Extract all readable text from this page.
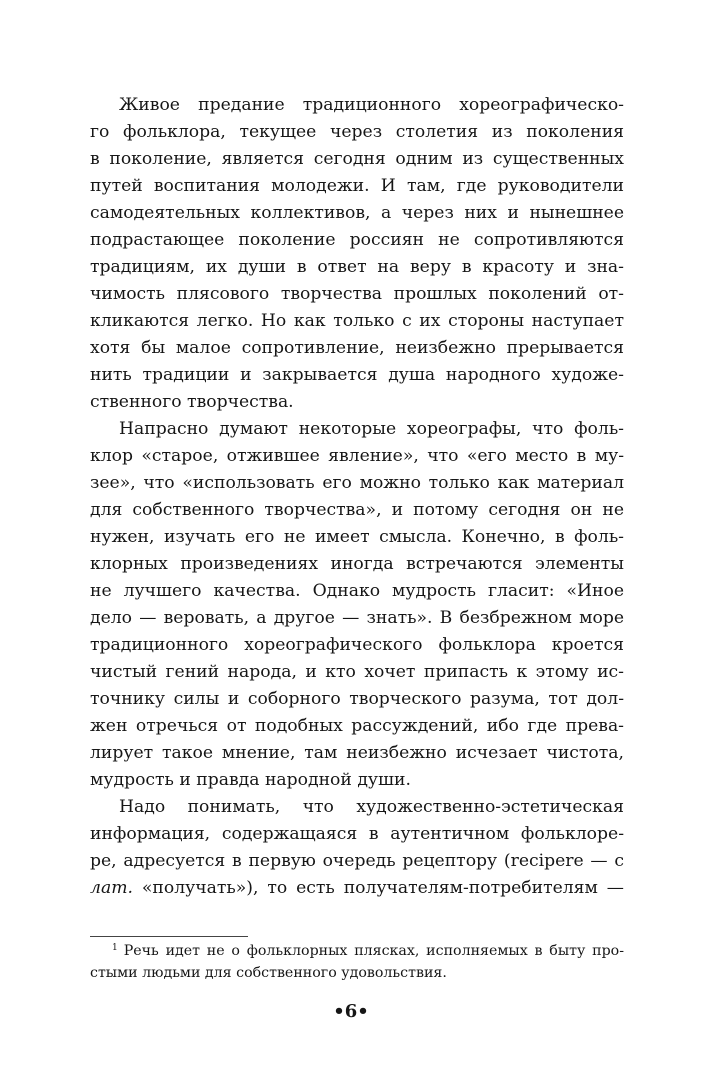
Живое предание традиционного хореографическо-
го фольклора, текущее через столетия из поколения
в поколение, является сегодня одним из существенных
путей воспитания молодежи. И там, где руководители
самодеятельных коллективов, а через них и нынешнее
подрастающее поколение россиян не сопротивляются
традициям, их души в ответ на веру в красоту и зна-
чимость плясового творчества прошлых поколений от-
кликаются легко. Но как только с их стороны наступает
хотя бы малое сопротивление, неизбежно прерывается
нить традиции и закрывается душа народного художе-
ственного творчества.
Напрасно думают некоторые хореографы, что фоль-
клор «старое, отжившее явление», что «его место в му-
зее», что «использовать его можно только как материал
для собственного творчества», и потому сегодня он не
нужен, изучать его не имеет смысла. Конечно, в фоль-
клорных произведениях иногда встречаются элементы
не лучшего качества. Однако мудрость гласит: «Иное
дело — веровать, а другое — знать». В безбрежном море
традиционного хореографического фольклора кроется
чистый гений народа, и кто хочет припасть к этому ис-
точнику силы и соборного творческого разума, тот дол-
жен отречься от подобных рассуждений, ибо где прева-
лирует такое мнение, там неизбежно исчезает чистота,
мудрость и правда народной души.
Надо понимать, что художественно-эстетическая
информация, содержащаяся в аутентичном фольклоре-
ре, адресуется в первую очередь рецептору (recipere — с
лат. «получать»), то есть получателям-потребителям —
$^1$ Речь идет не о фольклорных плясках, исполняемых в быту про-
стыми людьми для собственного удовольствия.
•6•
